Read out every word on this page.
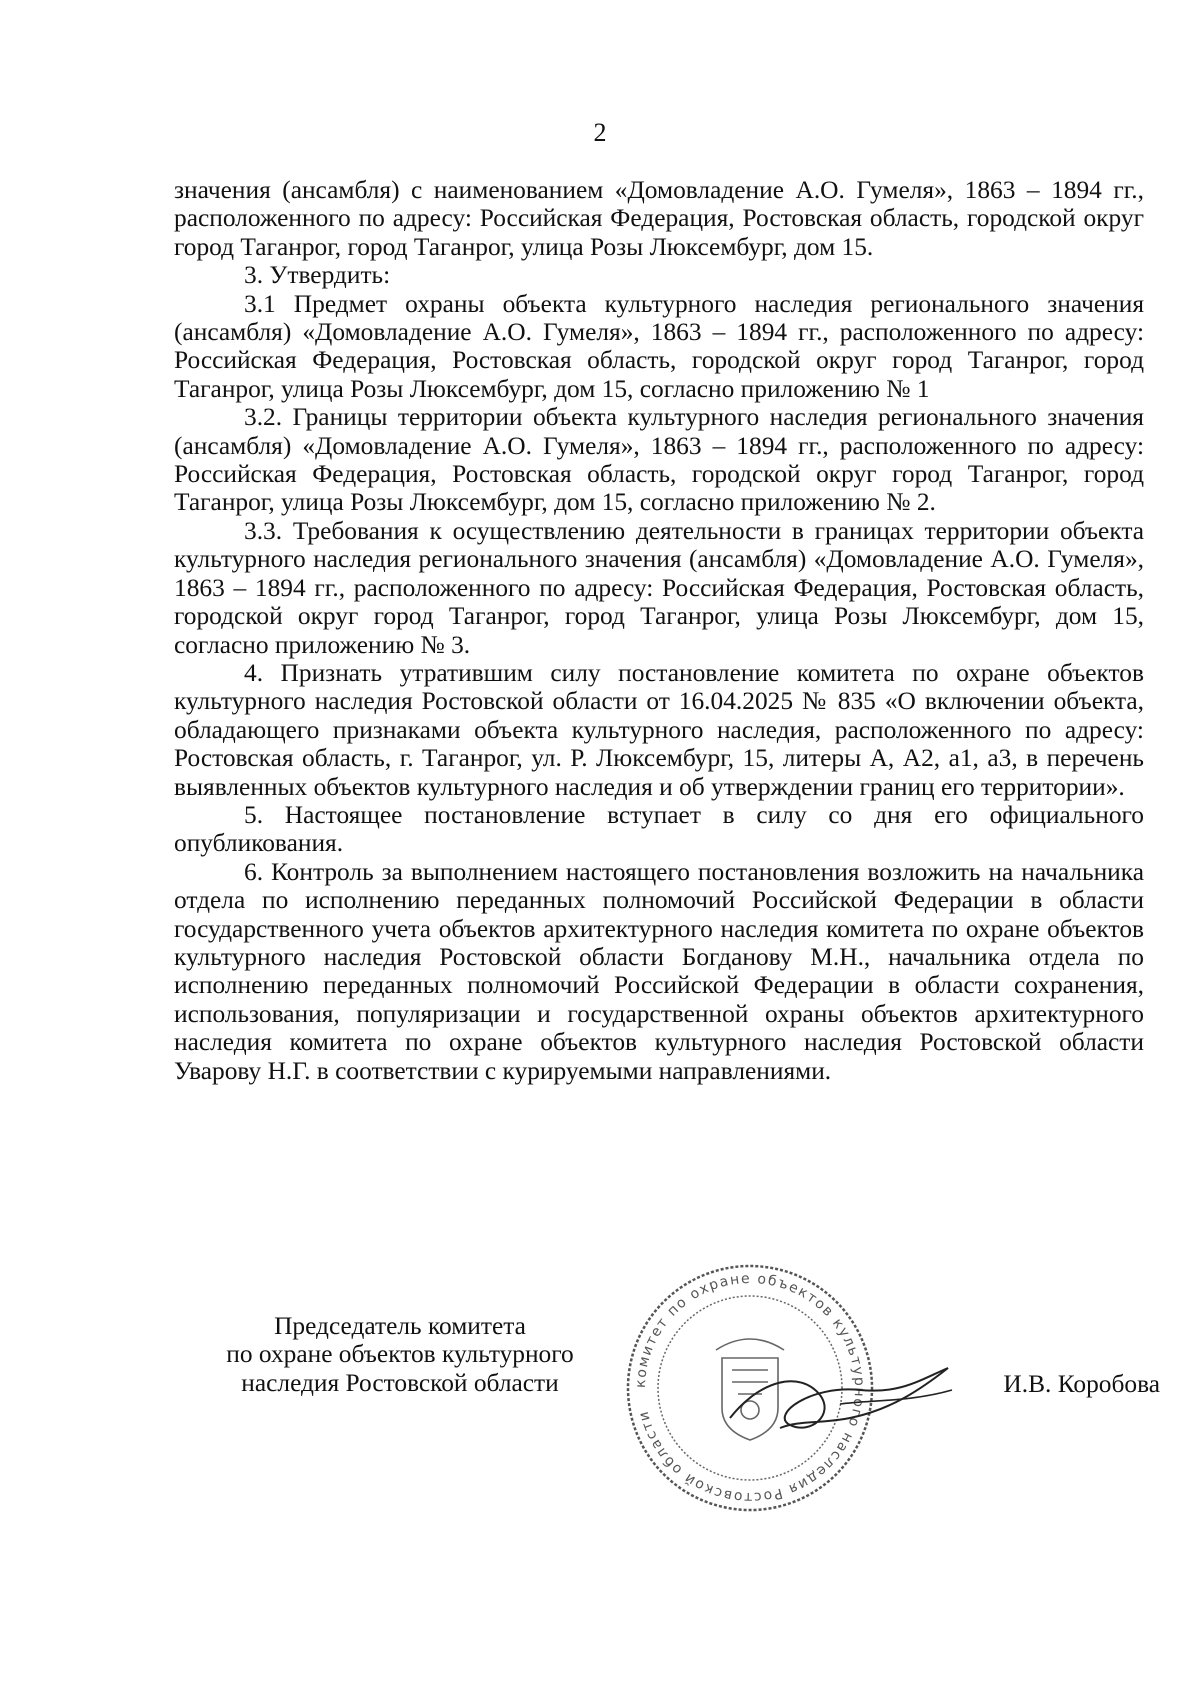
2

значения (ансамбля) с наименованием «Домовладение А.О. Гумеля», 1863 – 1894 гг., расположенного по адресу: Российская Федерация, Ростовская область, городской округ город Таганрог, город Таганрог, улица Розы Люксембург, дом 15.

3. Утвердить:

3.1 Предмет охраны объекта культурного наследия регионального значения (ансамбля) «Домовладение А.О. Гумеля», 1863 – 1894 гг., расположенного по адресу: Российская Федерация, Ростовская область, городской округ город Таганрог, город Таганрог, улица Розы Люксембург, дом 15, согласно приложению № 1

3.2. Границы территории объекта культурного наследия регионального значения (ансамбля) «Домовладение А.О. Гумеля», 1863 – 1894 гг., расположенного по адресу: Российская Федерация, Ростовская область, городской округ город Таганрог, город Таганрог, улица Розы Люксембург, дом 15, согласно приложению № 2.

3.3. Требования к осуществлению деятельности в границах территории объекта культурного наследия регионального значения (ансамбля) «Домовладение А.О. Гумеля», 1863 – 1894 гг., расположенного по адресу: Российская Федерация, Ростовская область, городской округ город Таганрог, город Таганрог, улица Розы Люксембург, дом 15, согласно приложению № 3.

4. Признать утратившим силу постановление комитета по охране объектов культурного наследия Ростовской области от 16.04.2025 № 835 «О включении объекта, обладающего признаками объекта культурного наследия, расположенного по адресу: Ростовская область, г. Таганрог, ул. Р. Люксембург, 15, литеры А, А2, а1, а3, в перечень выявленных объектов культурного наследия и об утверждении границ его территории».

5. Настоящее постановление вступает в силу со дня его официального опубликования.

6. Контроль за выполнением настоящего постановления возложить на начальника отдела по исполнению переданных полномочий Российской Федерации в области государственного учета объектов архитектурного наследия комитета по охране объектов культурного наследия Ростовской области Богданову М.Н., начальника отдела по исполнению переданных полномочий Российской Федерации в области сохранения, использования, популяризации и государственной охраны объектов архитектурного наследия комитета по охране объектов культурного наследия Ростовской области Уварову Н.Г. в соответствии с курируемыми направлениями.

Председатель комитета
по охране объектов культурного
наследия Ростовской области	комитет по охране объектов культурного наследия Ростовской области
И.В. Коробова
